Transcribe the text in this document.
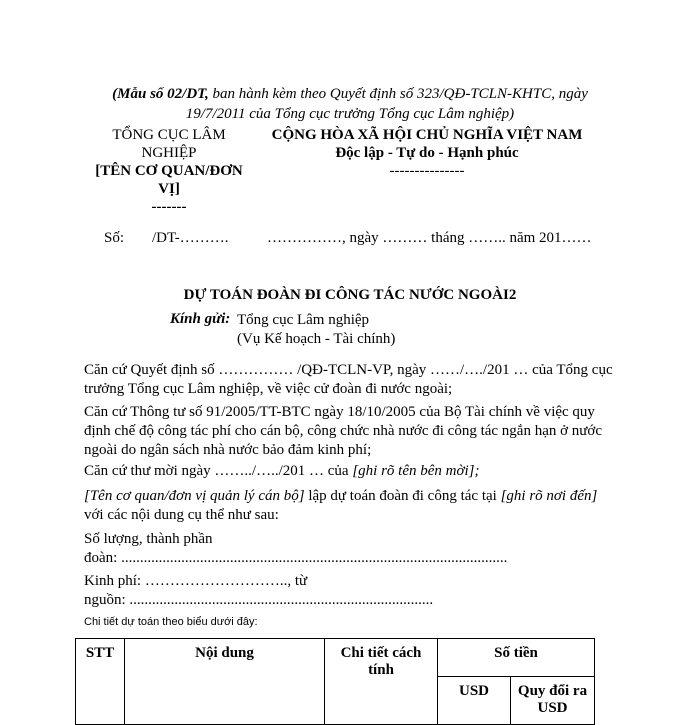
(Mẫu số 02/DT, ban hành kèm theo Quyết định số 323/QĐ-TCLN-KHTC, ngày 19/7/2011 của Tổng cục trưởng Tổng cục Lâm nghiệp)
TỔNG CỤC LÂM NGHIỆP
[TÊN CƠ QUAN/ĐƠN VỊ]
-------
CỘNG HÒA XÃ HỘI CHỦ NGHĨA VIỆT NAM
Độc lập - Tự do - Hạnh phúc
---------------
Số: /DT-……….	……………, ngày ……… tháng …….. năm 201……
DỰ TOÁN ĐOÀN ĐI CÔNG TÁC NƯỚC NGOÀI2
Kính gửi: Tổng cục Lâm nghiệp
(Vụ Kế hoạch - Tài chính)
Căn cứ Quyết định số …………… /QĐ-TCLN-VP, ngày ……/…./201 … của Tổng cục trưởng Tổng cục Lâm nghiệp, về việc cử đoàn đi nước ngoài;
Căn cứ Thông tư số 91/2005/TT-BTC ngày 18/10/2005 của Bộ Tài chính về việc quy định chế độ công tác phí cho cán bộ, công chức nhà nước đi công tác ngắn hạn ở nước ngoài do ngân sách nhà nước bảo đảm kinh phí;
Căn cứ thư mời ngày ……../…../201 … của [ghi rõ tên bên mời];
[Tên cơ quan/đơn vị quản lý cán bộ] lập dự toán đoàn đi công tác tại [ghi rõ nơi đến] với các nội dung cụ thể như sau:
Số lượng, thành phần
đoàn: .......................................................................................................
Kinh phí: ……………………….., từ
nguồn: .................................................................................
Chi tiết dự toán theo biểu dưới đây:
STT	Nội dung	Chi tiết cách tính	Số tiền	
			USD	Quy đổi ra USD
